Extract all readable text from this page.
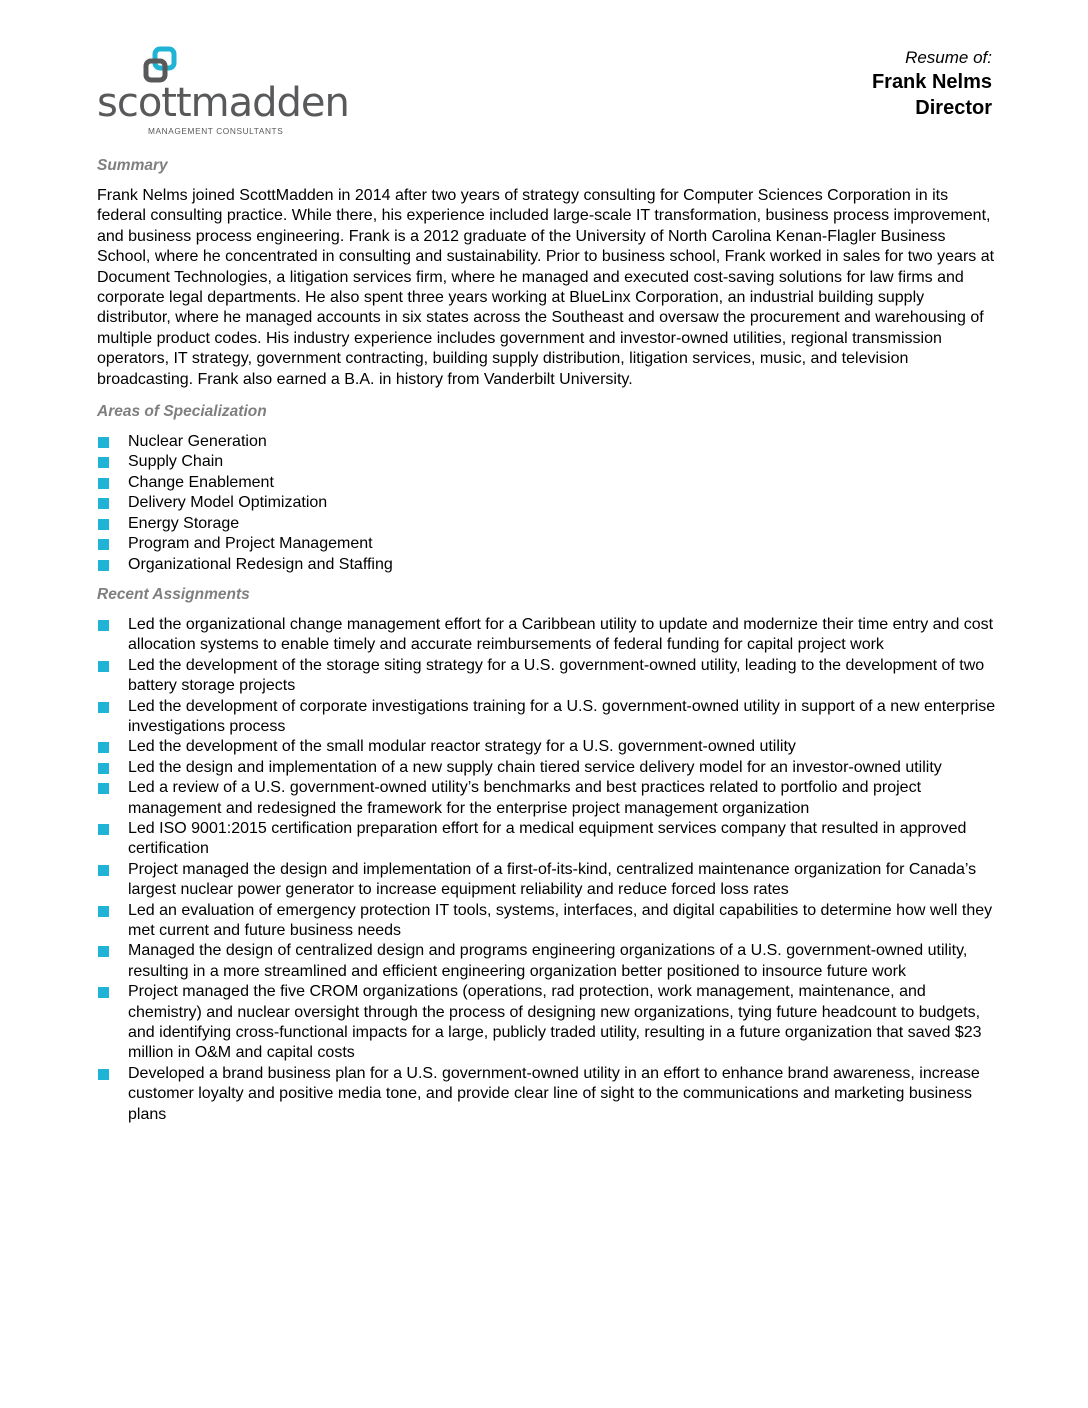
scottmadden
MANAGEMENT CONSULTANTS
Resume of:
Frank Nelms
Director
Summary

Frank Nelms joined ScottMadden in 2014 after two years of strategy consulting for Computer Sciences Corporation in its federal consulting practice. While there, his experience included large-scale IT transformation, business process improvement, and business process engineering. Frank is a 2012 graduate of the University of North Carolina Kenan-Flagler Business School, where he concentrated in consulting and sustainability. Prior to business school, Frank worked in sales for two years at Document Technologies, a litigation services firm, where he managed and executed cost-saving solutions for law firms and corporate legal departments. He also spent three years working at BlueLinx Corporation, an industrial building supply distributor, where he managed accounts in six states across the Southeast and oversaw the procurement and warehousing of multiple product codes. His industry experience includes government and investor-owned utilities, regional transmission operators, IT strategy, government contracting, building supply distribution, litigation services, music, and television broadcasting. Frank also earned a B.A. in history from Vanderbilt University.

Areas of Specialization
Nuclear Generation
Supply Chain
Change Enablement
Delivery Model Optimization
Energy Storage
Program and Project Management
Organizational Redesign and Staffing
Recent Assignments
Led the organizational change management effort for a Caribbean utility to update and modernize their time entry and cost allocation systems to enable timely and accurate reimbursements of federal funding for capital project work
Led the development of the storage siting strategy for a U.S. government-owned utility, leading to the development of two battery storage projects
Led the development of corporate investigations training for a U.S. government-owned utility in support of a new enterprise investigations process
Led the development of the small modular reactor strategy for a U.S. government-owned utility
Led the design and implementation of a new supply chain tiered service delivery model for an investor-owned utility
Led a review of a U.S. government-owned utility’s benchmarks and best practices related to portfolio and project management and redesigned the framework for the enterprise project management organization
Led ISO 9001:2015 certification preparation effort for a medical equipment services company that resulted in approved certification
Project managed the design and implementation of a first-of-its-kind, centralized maintenance organization for Canada’s largest nuclear power generator to increase equipment reliability and reduce forced loss rates
Led an evaluation of emergency protection IT tools, systems, interfaces, and digital capabilities to determine how well they met current and future business needs
Managed the design of centralized design and programs engineering organizations of a U.S. government-owned utility, resulting in a more streamlined and efficient engineering organization better positioned to insource future work
Project managed the five CROM organizations (operations, rad protection, work management, maintenance, and chemistry) and nuclear oversight through the process of designing new organizations, tying future headcount to budgets, and identifying cross-functional impacts for a large, publicly traded utility, resulting in a future organization that saved $23 million in O&M and capital costs
Developed a brand business plan for a U.S. government-owned utility in an effort to enhance brand awareness, increase customer loyalty and positive media tone, and provide clear line of sight to the communications and marketing business plans
